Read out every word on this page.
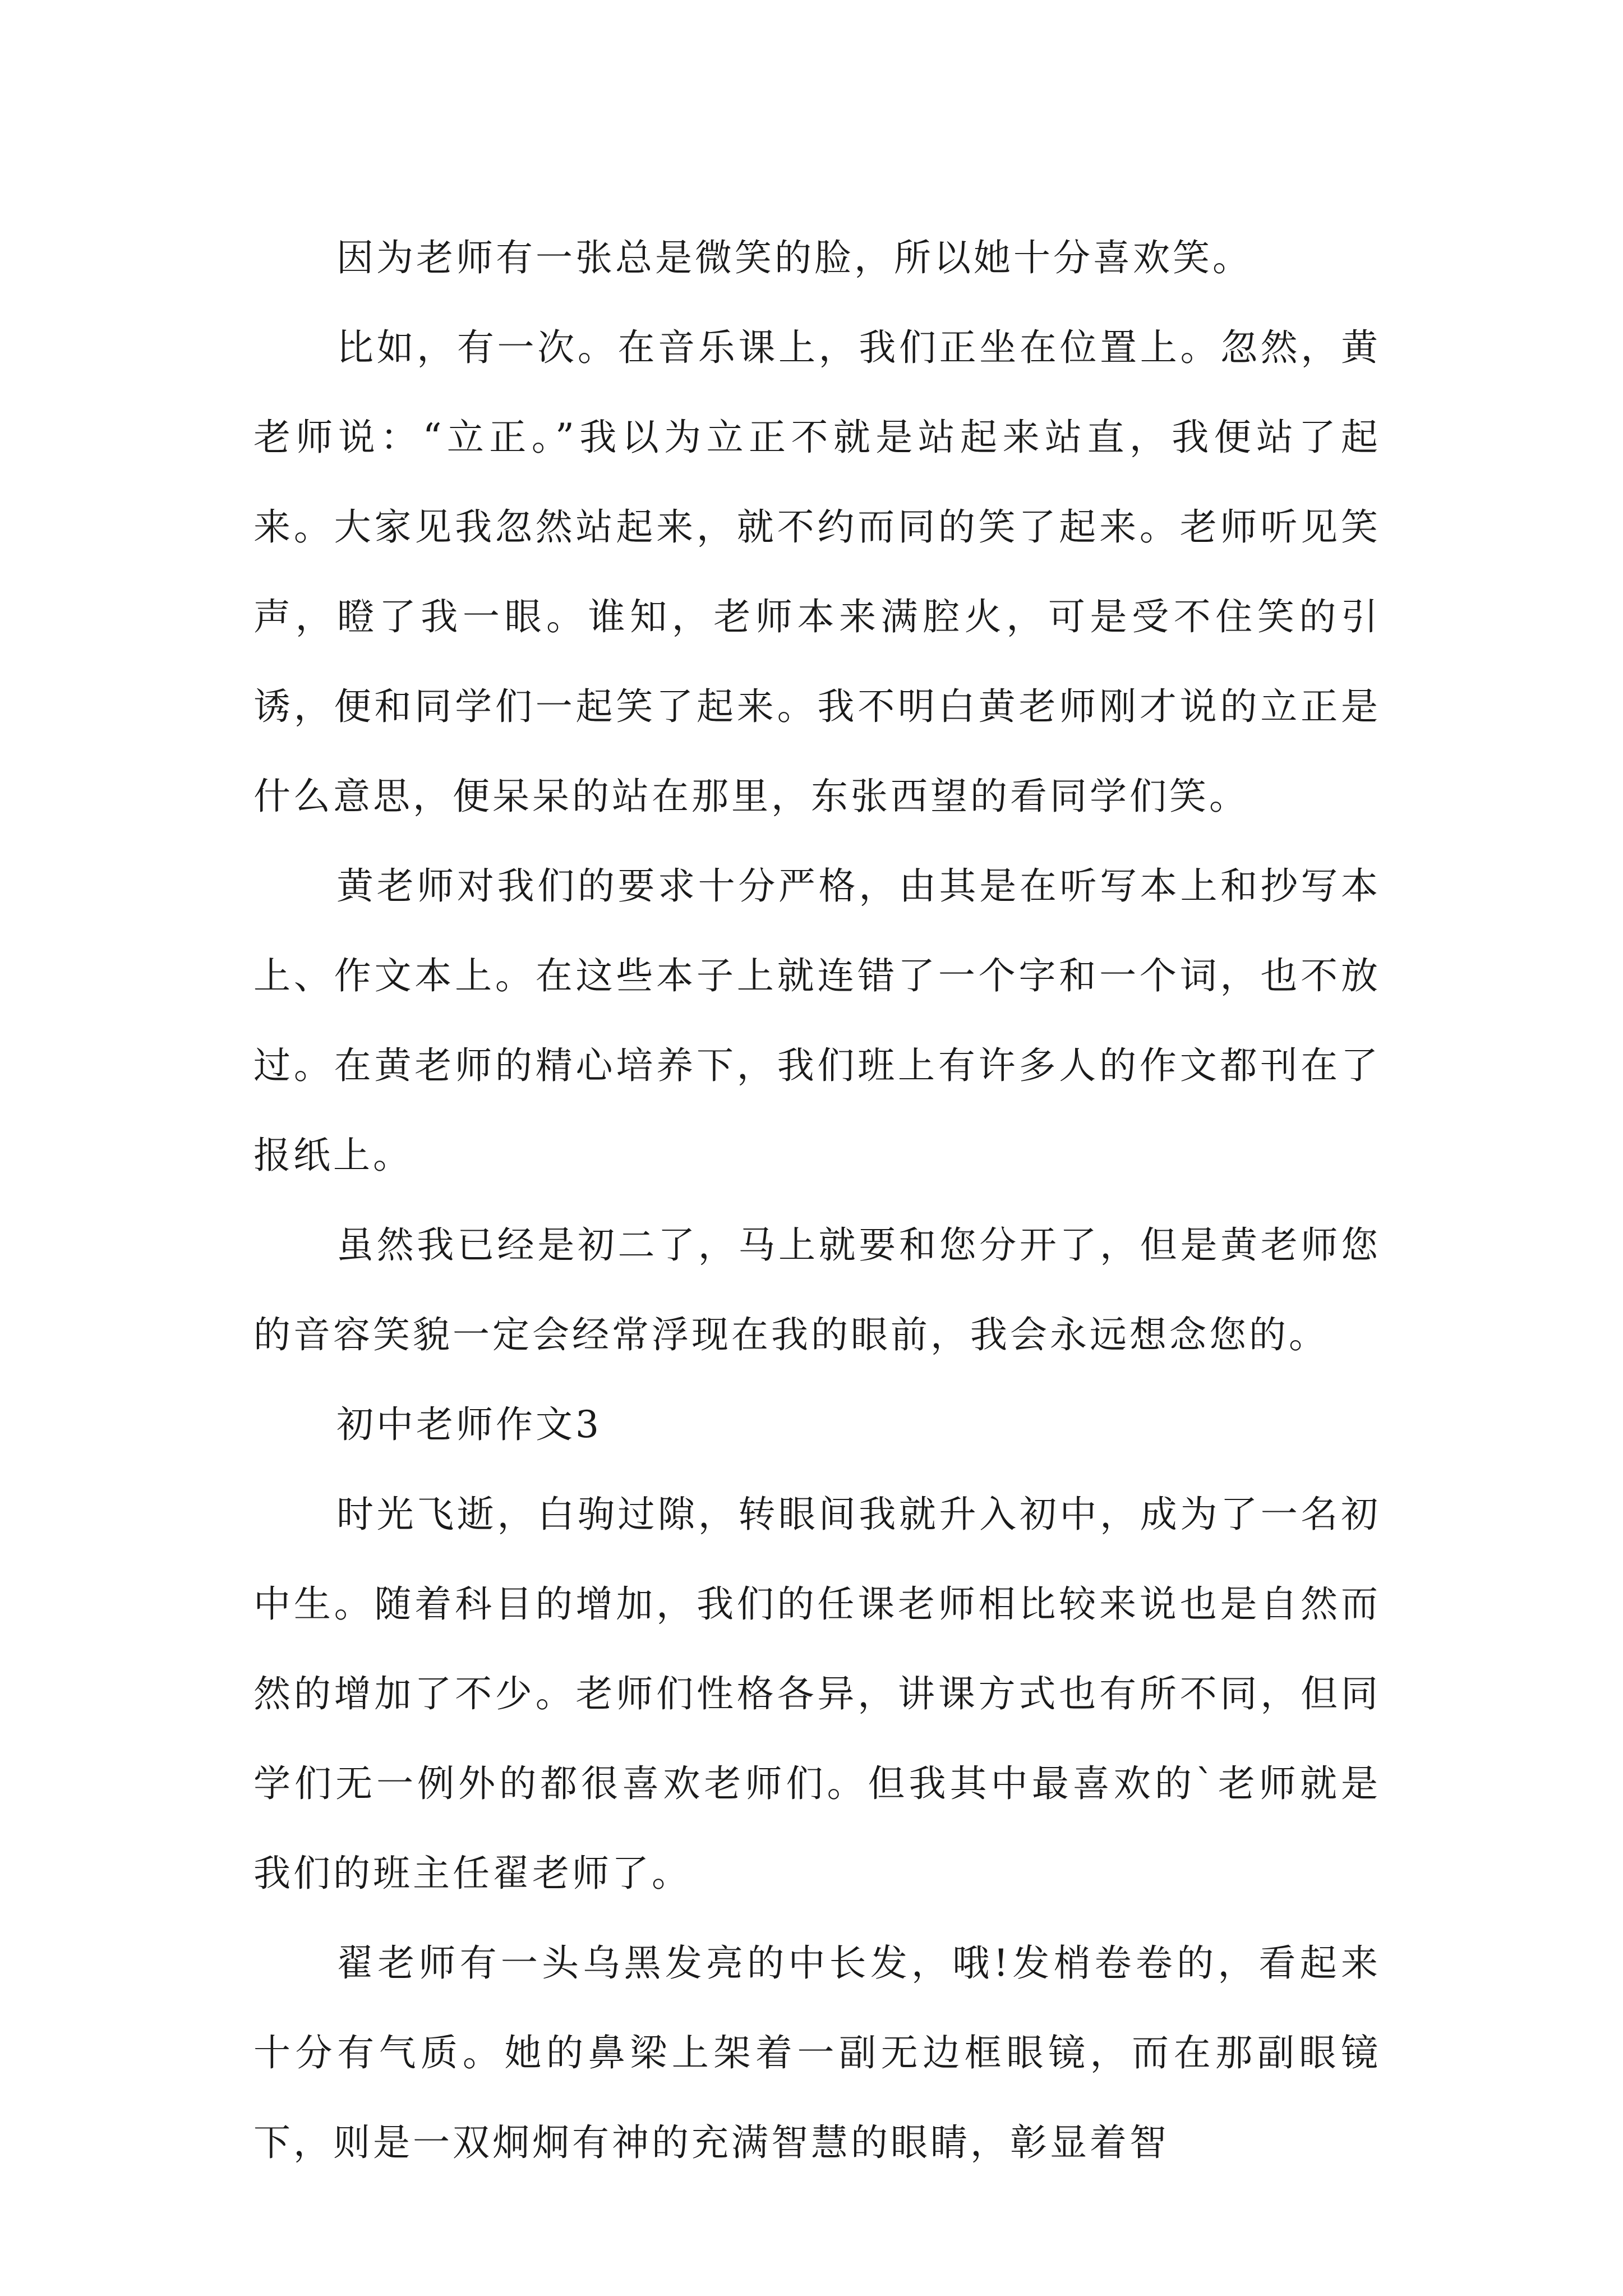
因为老师有一张总是微笑的脸，所以她十分喜欢笑。

比如，有一次。在音乐课上，我们正坐在位置上。忽然，黄老师说：“立正。”我以为立正不就是站起来站直，我便站了起来。大家见我忽然站起来，就不约而同的笑了起来。老师听见笑声，瞪了我一眼。谁知，老师本来满腔火，可是受不住笑的引诱，便和同学们一起笑了起来。我不明白黄老师刚才说的立正是什么意思，便呆呆的站在那里，东张西望的看同学们笑。

黄老师对我们的要求十分严格，由其是在听写本上和抄写本上、作文本上。在这些本子上就连错了一个字和一个词，也不放过。在黄老师的精心培养下，我们班上有许多人的作文都刊在了报纸上。

虽然我已经是初二了，马上就要和您分开了，但是黄老师您的音容笑貌一定会经常浮现在我的眼前，我会永远想念您的。

初中老师作文3

时光飞逝，白驹过隙，转眼间我就升入初中，成为了一名初中生。随着科目的增加，我们的任课老师相比较来说也是自然而然的增加了不少。老师们性格各异，讲课方式也有所不同，但同学们无一例外的都很喜欢老师们。但我其中最喜欢的`老师就是我们的班主任翟老师了。

翟老师有一头乌黑发亮的中长发，哦!发梢卷卷的，看起来十分有气质。她的鼻梁上架着一副无边框眼镜，而在那副眼镜下，则是一双炯炯有神的充满智慧的眼睛，彰显着智
